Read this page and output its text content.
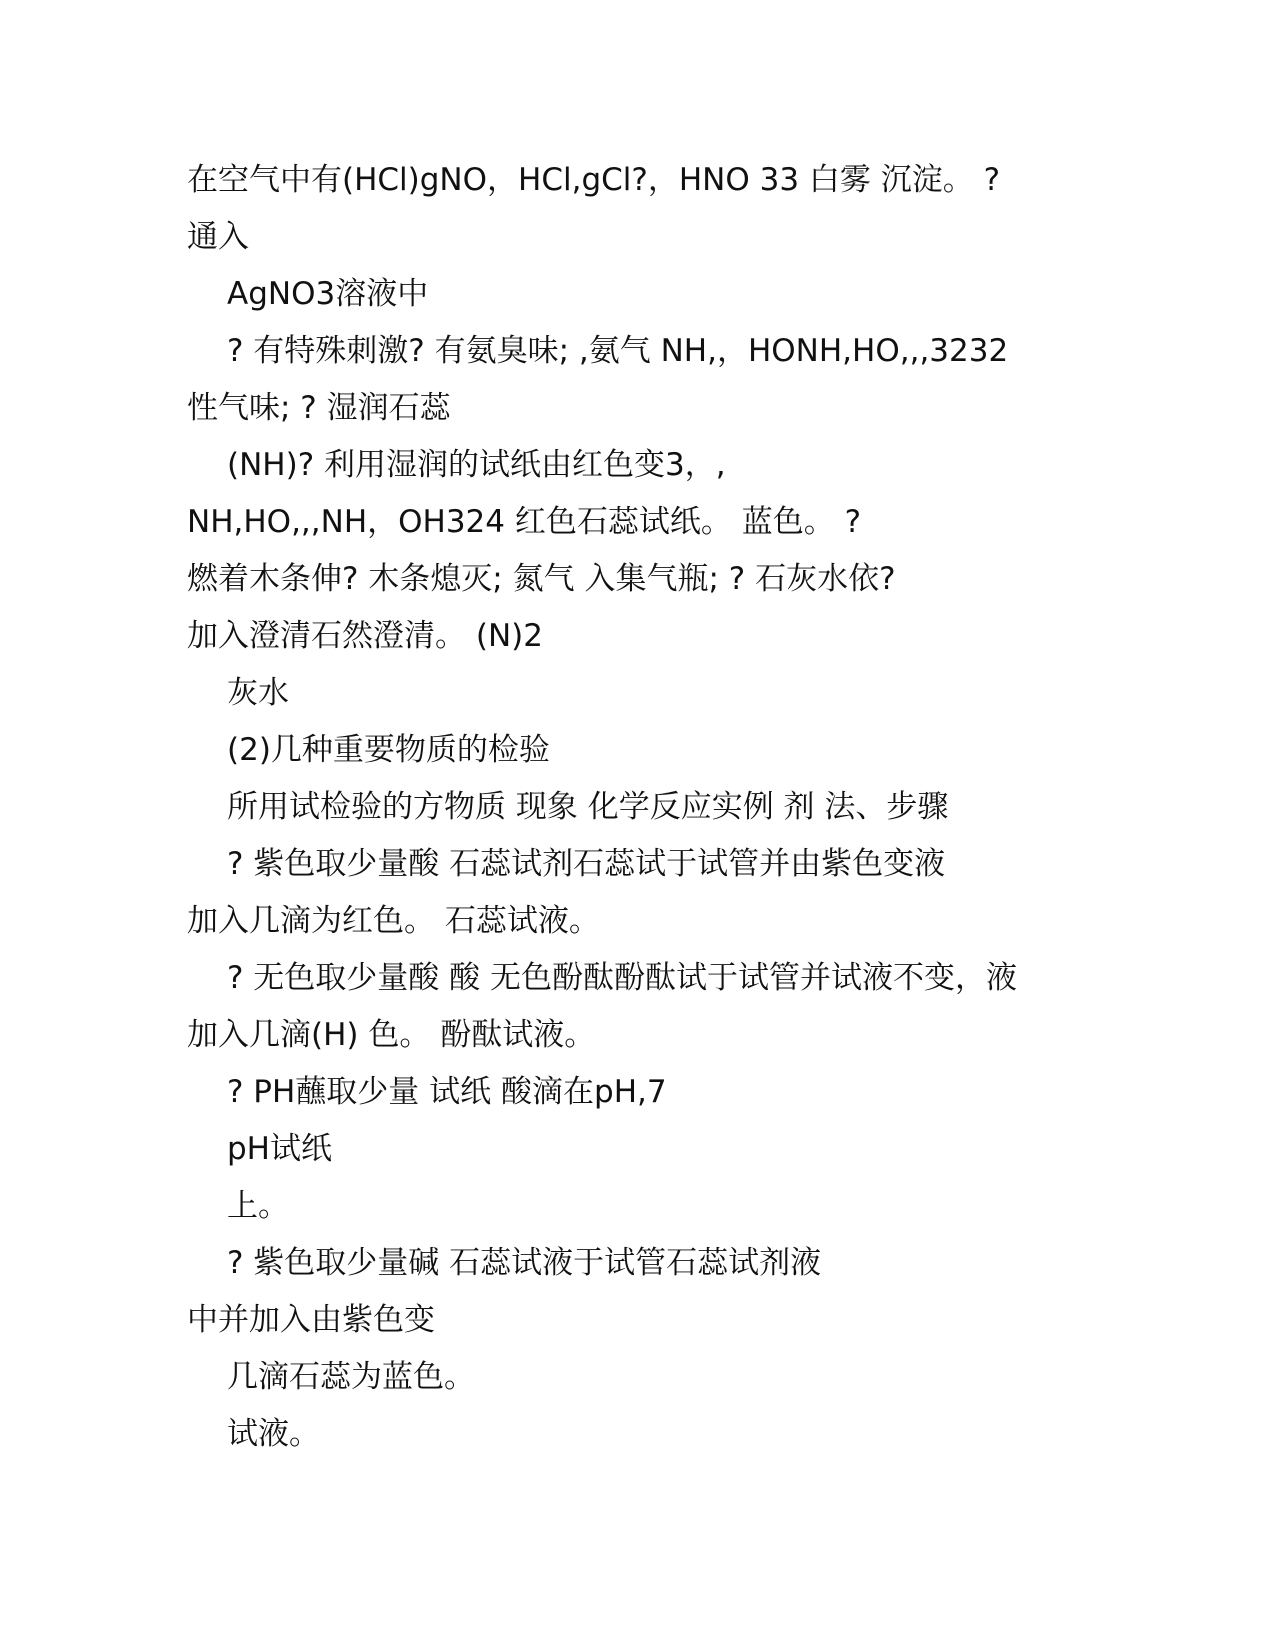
在空气中有(HCl)gNO，HCl,gCl?，HNO 33 白雾 沉淀。 ?
通入
AgNO3溶液中
? 有特殊刺激? 有氨臭味; ,氨气 NH,，HONH,HO,,,3232
性气味; ? 湿润石蕊
(NH)? 利用湿润的试纸由红色变3，,
NH,HO,,,NH，OH324 红色石蕊试纸。 蓝色。 ?
燃着木条伸? 木条熄灭; 氮气 入集气瓶; ? 石灰水依?
加入澄清石然澄清。 (N)2
灰水
(2)几种重要物质的检验
所用试检验的方物质 现象 化学反应实例 剂 法、步骤
? 紫色取少量酸 石蕊试剂石蕊试于试管并由紫色变液
加入几滴为红色。 石蕊试液。
? 无色取少量酸 酸 无色酚酞酚酞试于试管并试液不变，液
加入几滴(H) 色。 酚酞试液。
? PH蘸取少量 试纸 酸滴在pH,7
pH试纸
上。
? 紫色取少量碱 石蕊试液于试管石蕊试剂液
中并加入由紫色变
几滴石蕊为蓝色。
试液。
